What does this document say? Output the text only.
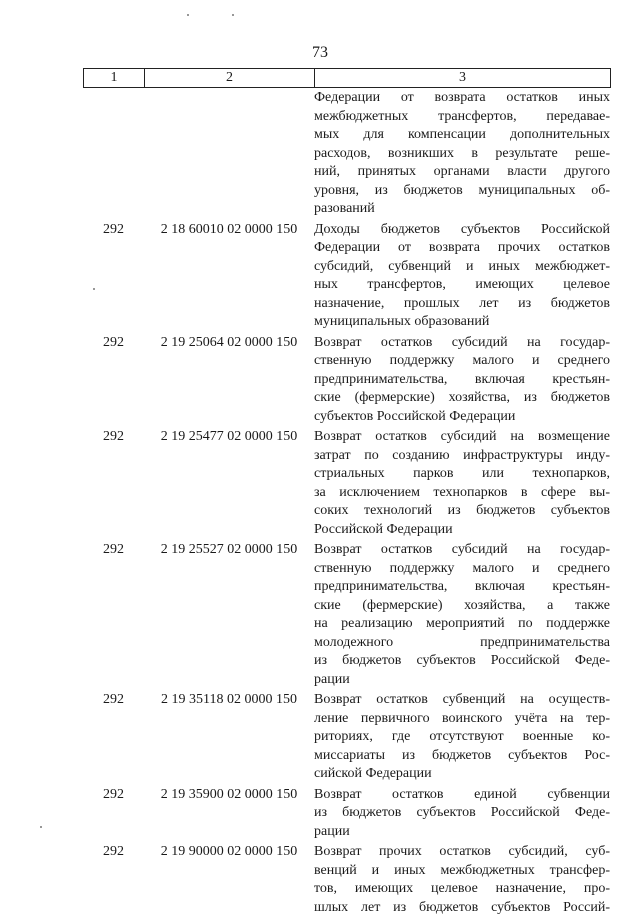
73
1	2	3
Федерации от возврата остатков иных
межбюджетных трансфертов, передавае-
мых для компенсации дополнительных
расходов, возникших в результате реше-
ний, принятых органами власти другого
уровня, из бюджетов муниципальных об-
разований
292	2 18 60010 02 0000 150	Доходы бюджетов субъектов Российской
Федерации от возврата прочих остатков
субсидий, субвенций и иных межбюджет-
ных трансфертов, имеющих целевое
назначение, прошлых лет из бюджетов
муниципальных образований
292	2 19 25064 02 0000 150	Возврат остатков субсидий на государ-
ственную поддержку малого и среднего
предпринимательства, включая крестьян-
ские (фермерские) хозяйства, из бюджетов
субъектов Российской Федерации
292	2 19 25477 02 0000 150	Возврат остатков субсидий на возмещение
затрат по созданию инфраструктуры инду-
стриальных парков или технопарков,
за исключением технопарков в сфере вы-
соких технологий из бюджетов субъектов
Российской Федерации
292	2 19 25527 02 0000 150	Возврат остатков субсидий на государ-
ственную поддержку малого и среднего
предпринимательства, включая крестьян-
ские (фермерские) хозяйства, а также
на реализацию мероприятий по поддержке
молодежного предпринимательства
из бюджетов субъектов Российской Феде-
рации
292	2 19 35118 02 0000 150	Возврат остатков субвенций на осуществ-
ление первичного воинского учёта на тер-
риториях, где отсутствуют военные ко-
миссариаты из бюджетов субъектов Рос-
сийской Федерации
292	2 19 35900 02 0000 150	Возврат остатков единой субвенции
из бюджетов субъектов Российской Феде-
рации
292	2 19 90000 02 0000 150	Возврат прочих остатков субсидий, суб-
венций и иных межбюджетных трансфер-
тов, имеющих целевое назначение, про-
шлых лет из бюджетов субъектов Россий-
